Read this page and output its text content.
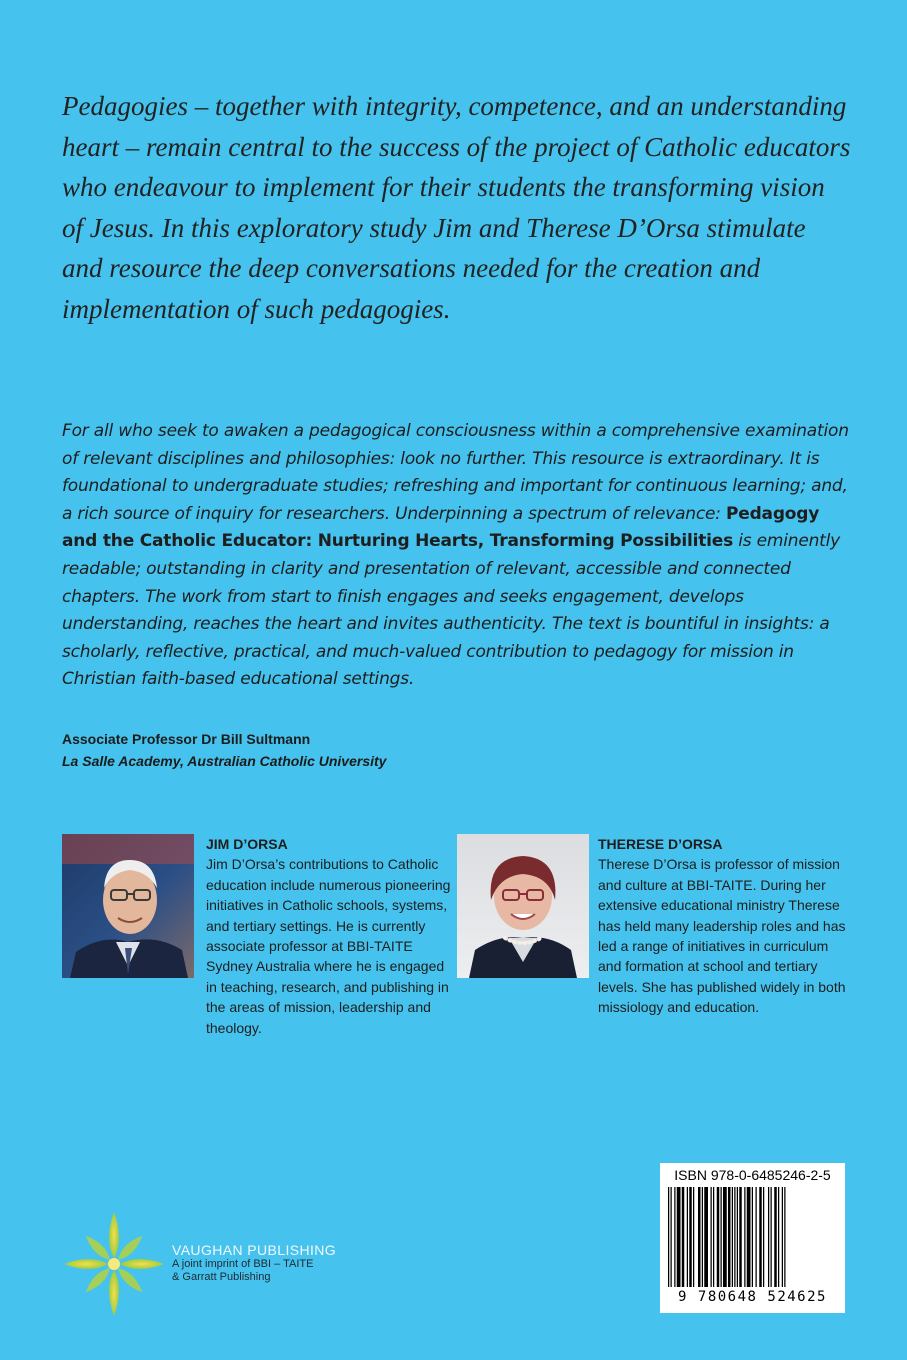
Pedagogies – together with integrity, competence, and an understanding heart – remain central to the success of the project of Catholic educators who endeavour to implement for their students the transforming vision of Jesus. In this exploratory study Jim and Therese D’Orsa stimulate and resource the deep conversations needed for the creation and implementation of such pedagogies.
For all who seek to awaken a pedagogical consciousness within a comprehensive examination of relevant disciplines and philosophies: look no further. This resource is extraordinary. It is foundational to undergraduate studies; refreshing and important for continuous learning; and, a rich source of inquiry for researchers. Underpinning a spectrum of relevance: Pedagogy and the Catholic Educator: Nurturing Hearts, Transforming Possibilities is eminently readable; outstanding in clarity and presentation of relevant, accessible and connected chapters. The work from start to finish engages and seeks engagement, develops understanding, reaches the heart and invites authenticity. The text is bountiful in insights: a scholarly, reflective, practical, and much-valued contribution to pedagogy for mission in Christian faith-based educational settings.
Associate Professor Dr Bill Sultmann
La Salle Academy, Australian Catholic University
JIM D’ORSA
Jim D’Orsa’s contributions to Catholic education include numerous pioneering initiatives in Catholic schools, systems, and tertiary settings. He is currently associate professor at BBI-TAITE Sydney Australia where he is engaged in teaching, research, and publishing in the areas of mission, leadership and theology.
THERESE D’ORSA
Therese D’Orsa is professor of mission and culture at BBI-TAITE. During her extensive educational ministry Therese has held many leadership roles and has led a range of initiatives in curriculum and formation at school and tertiary levels. She has published widely in both missiology and education.
ISBN 978-0-6485246-2-5
9 780648 524625
VAUGHAN PUBLISHING
A joint imprint of BBI – TAITE
& Garratt Publishing
